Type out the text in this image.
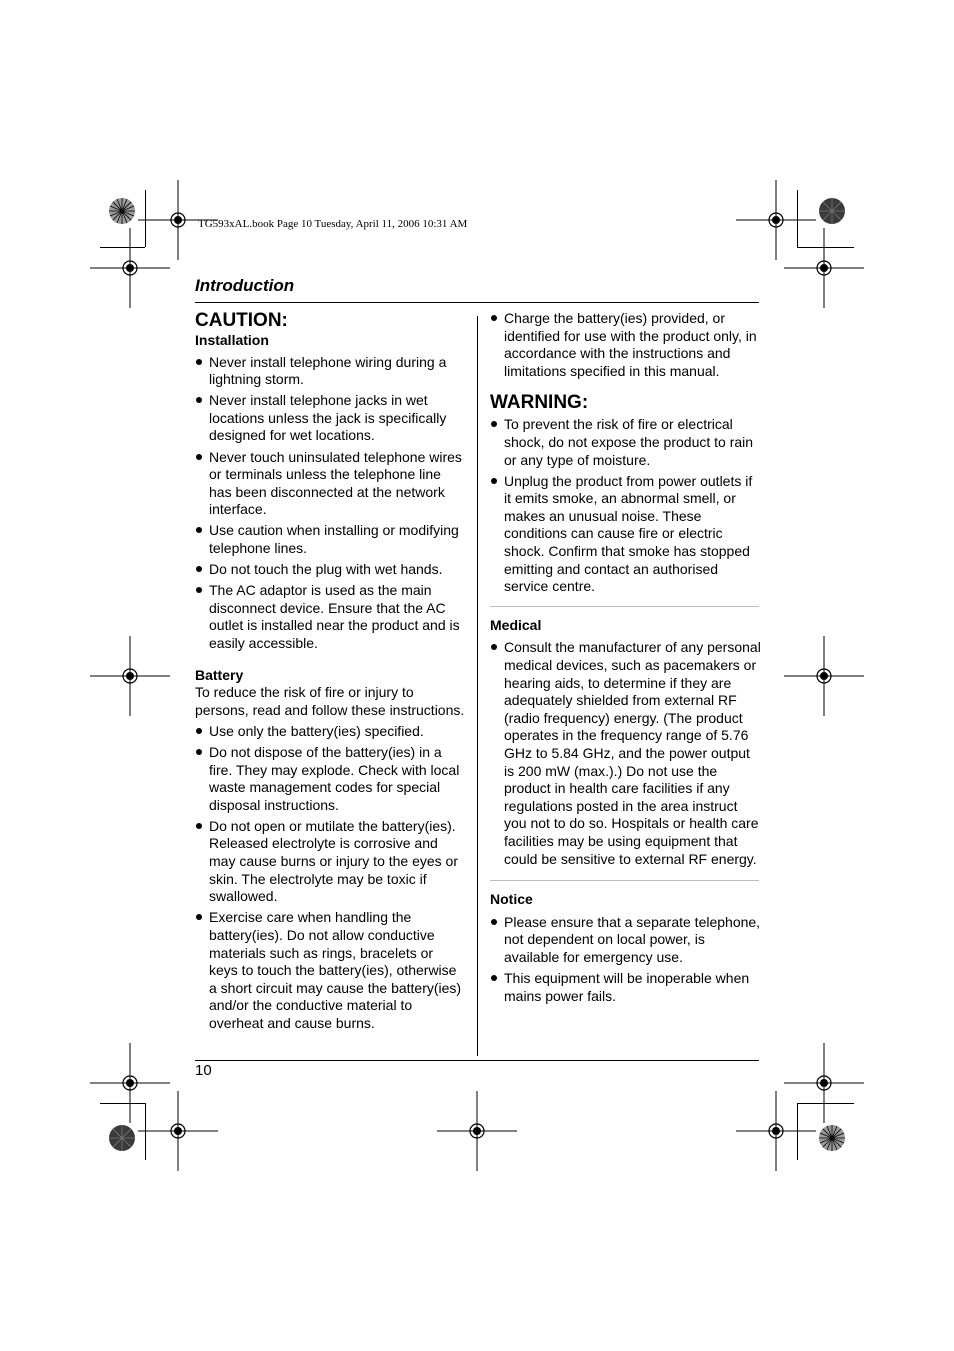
TG593xAL.book Page 10 Tuesday, April 11, 2006 10:31 AM
Introduction
CAUTION:
Installation
Never install telephone wiring during a lightning storm.
Never install telephone jacks in wet locations unless the jack is specifically designed for wet locations.
Never touch uninsulated telephone wires or terminals unless the telephone line has been disconnected at the network interface.
Use caution when installing or modifying telephone lines.
Do not touch the plug with wet hands.
The AC adaptor is used as the main disconnect device. Ensure that the AC outlet is installed near the product and is easily accessible.
Battery

To reduce the risk of fire or injury to persons, read and follow these instructions.

Use only the battery(ies) specified.
Do not dispose of the battery(ies) in a fire. They may explode. Check with local waste management codes for special disposal instructions.
Do not open or mutilate the battery(ies). Released electrolyte is corrosive and may cause burns or injury to the eyes or skin. The electrolyte may be toxic if swallowed.
Exercise care when handling the battery(ies). Do not allow conductive materials such as rings, bracelets or keys to touch the battery(ies), otherwise a short circuit may cause the battery(ies) and/or the conductive material to overheat and cause burns.
Charge the battery(ies) provided, or identified for use with the product only, in accordance with the instructions and limitations specified in this manual.
WARNING:
To prevent the risk of fire or electrical shock, do not expose the product to rain or any type of moisture.
Unplug the product from power outlets if it emits smoke, an abnormal smell, or makes an unusual noise. These conditions can cause fire or electric shock. Confirm that smoke has stopped emitting and contact an authorised service centre.
Medical
Consult the manufacturer of any personal medical devices, such as pacemakers or hearing aids, to determine if they are adequately shielded from external RF (radio frequency) energy. (The product operates in the frequency range of 5.76 GHz to 5.84 GHz, and the power output is 200 mW (max.).) Do not use the product in health care facilities if any regulations posted in the area instruct you not to do so. Hospitals or health care facilities may be using equipment that could be sensitive to external RF energy.
Notice
Please ensure that a separate telephone, not dependent on local power, is available for emergency use.
This equipment will be inoperable when mains power fails.
10
